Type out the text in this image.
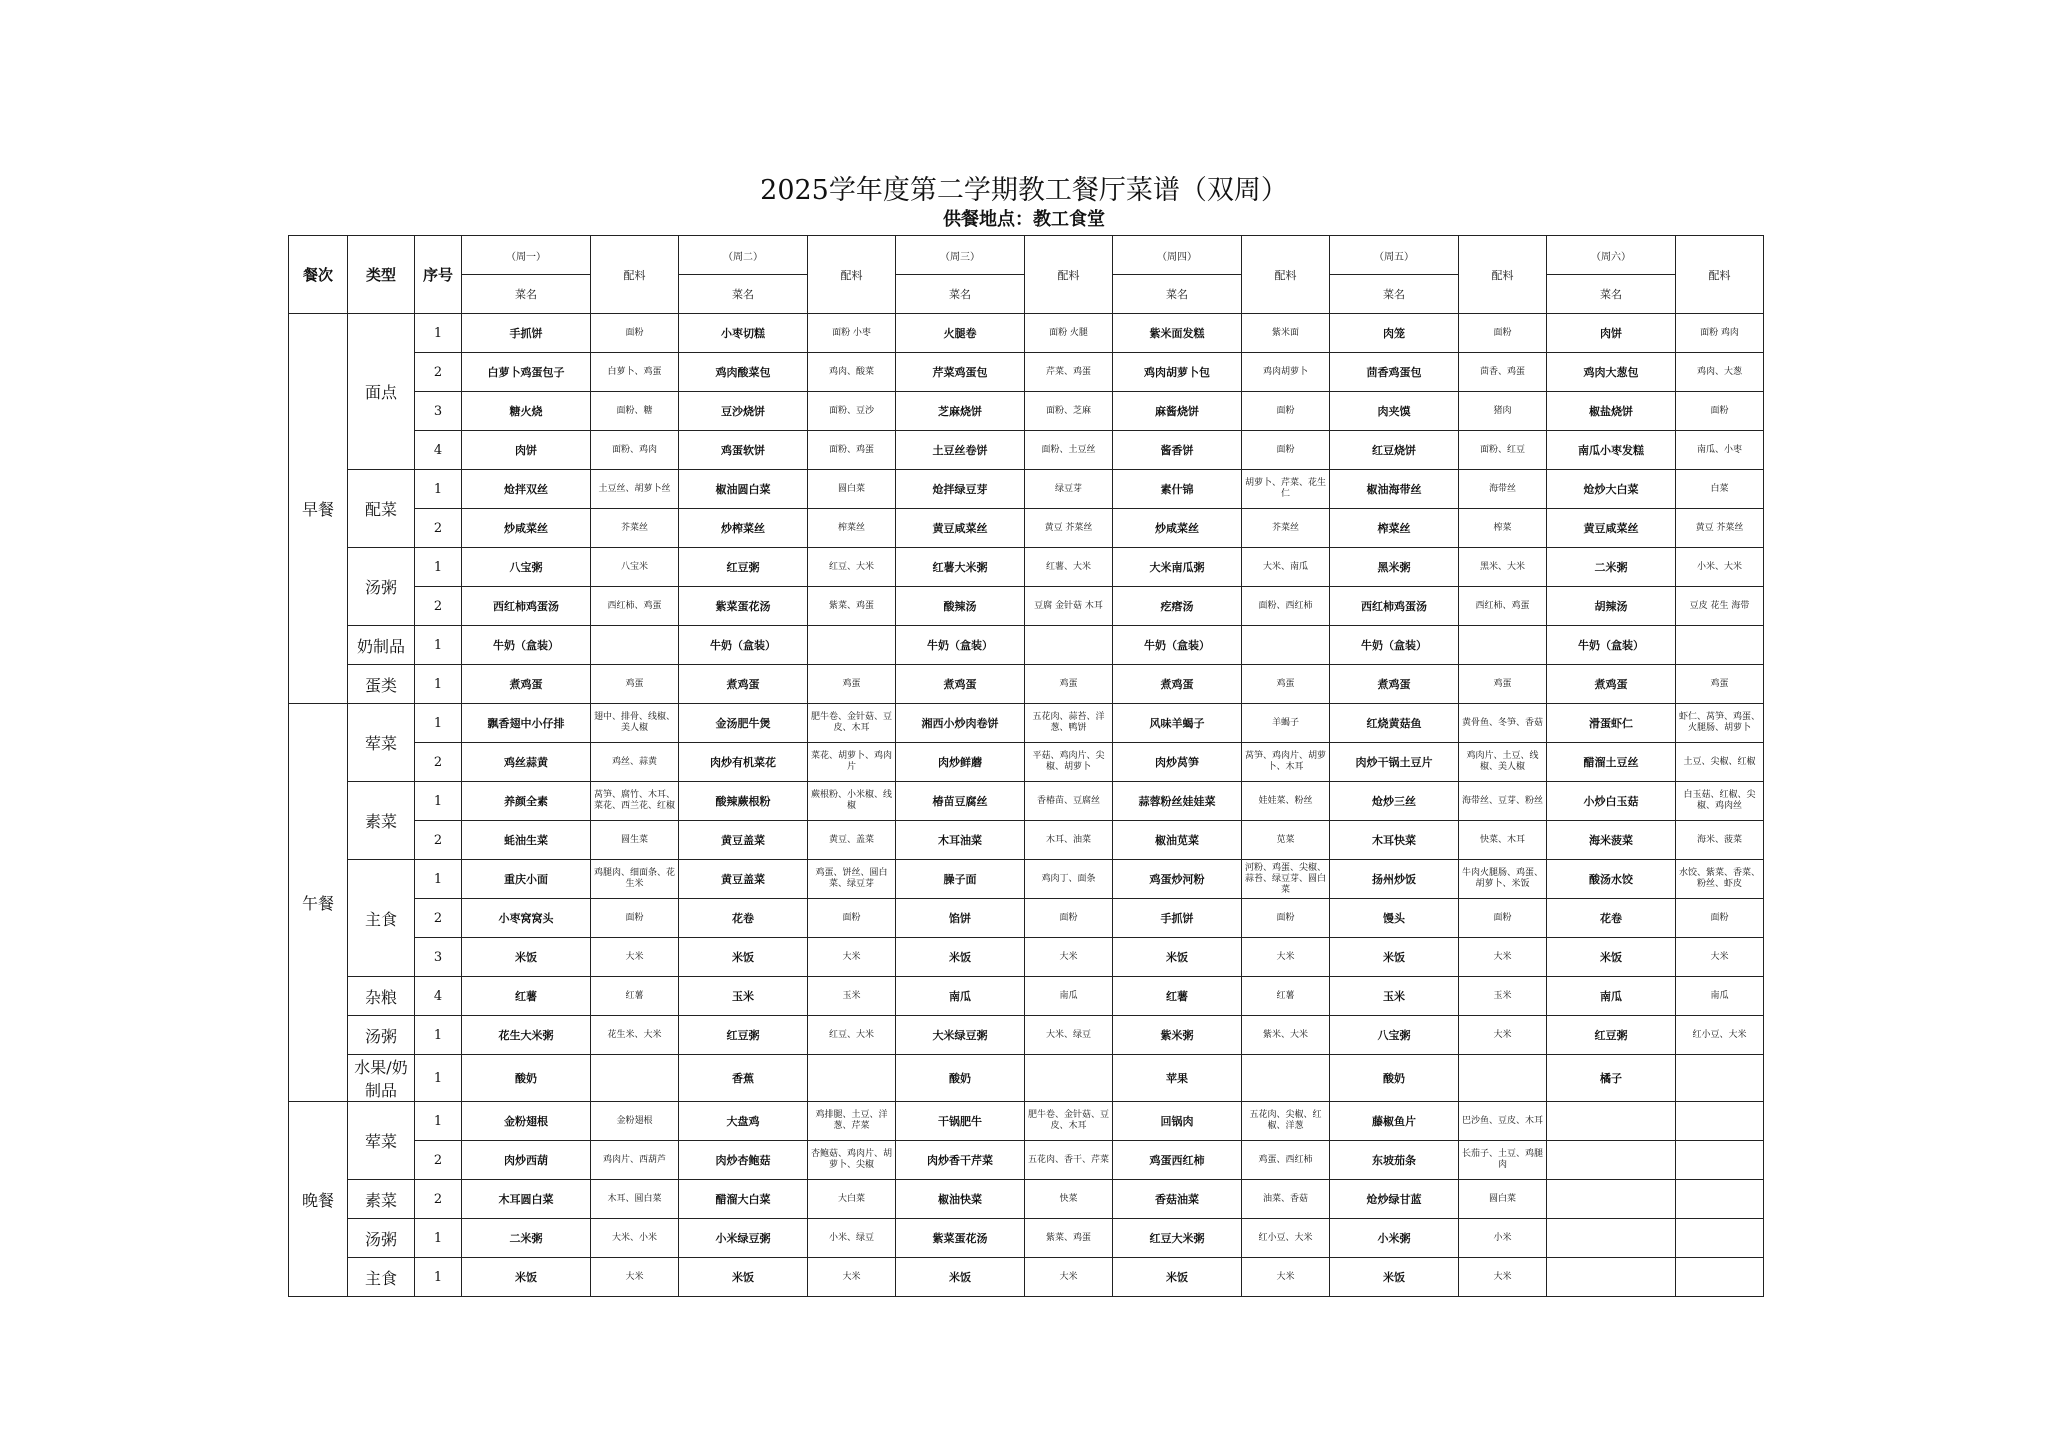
2025学年度第二学期教工餐厅菜谱（双周）
供餐地点：教工食堂
餐次	类型	序号	（周一）	配料	（周二）	配料	（周三）	配料	（周四）	配料	（周五）	配料	（周六）	配料
			菜名		菜名		菜名		菜名		菜名		菜名	
早餐	面点	1	手抓饼	面粉	小枣切糕	面粉 小枣	火腿卷	面粉 火腿	紫米面发糕	紫米面	肉笼	面粉	肉饼	面粉 鸡肉
		2	白萝卜鸡蛋包子	白萝卜、鸡蛋	鸡肉酸菜包	鸡肉、酸菜	芹菜鸡蛋包	芹菜、鸡蛋	鸡肉胡萝卜包	鸡肉胡萝卜	茴香鸡蛋包	茴香、鸡蛋	鸡肉大葱包	鸡肉、大葱
		3	糖火烧	面粉、糖	豆沙烧饼	面粉、豆沙	芝麻烧饼	面粉、芝麻	麻酱烧饼	面粉	肉夹馍	猪肉	椒盐烧饼	面粉
		4	肉饼	面粉、鸡肉	鸡蛋软饼	面粉、鸡蛋	土豆丝卷饼	面粉、土豆丝	酱香饼	面粉	红豆烧饼	面粉、红豆	南瓜小枣发糕	南瓜、小枣
	配菜	1	炝拌双丝	土豆丝、胡萝卜丝	椒油圆白菜	圆白菜	炝拌绿豆芽	绿豆芽	素什锦	胡萝卜、芹菜、花生仁	椒油海带丝	海带丝	炝炒大白菜	白菜
		2	炒咸菜丝	芥菜丝	炒榨菜丝	榨菜丝	黄豆咸菜丝	黄豆 芥菜丝	炒咸菜丝	芥菜丝	榨菜丝	榨菜	黄豆咸菜丝	黄豆 芥菜丝
	汤粥	1	八宝粥	八宝米	红豆粥	红豆、大米	红薯大米粥	红薯、大米	大米南瓜粥	大米、南瓜	黑米粥	黑米、大米	二米粥	小米、大米
		2	西红柿鸡蛋汤	西红柿、鸡蛋	紫菜蛋花汤	紫菜、鸡蛋	酸辣汤	豆腐 金针菇 木耳	疙瘩汤	面粉、西红柿	西红柿鸡蛋汤	西红柿、鸡蛋	胡辣汤	豆皮 花生 海带
	奶制品	1	牛奶（盒装）		牛奶（盒装）		牛奶（盒装）		牛奶（盒装）		牛奶（盒装）		牛奶（盒装）	
	蛋类	1	煮鸡蛋	鸡蛋	煮鸡蛋	鸡蛋	煮鸡蛋	鸡蛋	煮鸡蛋	鸡蛋	煮鸡蛋	鸡蛋	煮鸡蛋	鸡蛋
午餐	荤菜	1	飘香翅中小仔排	翅中、排骨、线椒、美人椒	金汤肥牛煲	肥牛卷、金针菇、豆皮、木耳	湘西小炒肉卷饼	五花肉、蒜苔、洋葱、鸭饼	风味羊蝎子	羊蝎子	红烧黄菇鱼	黄骨鱼、冬笋、香菇	滑蛋虾仁	虾仁、莴笋、鸡蛋、火腿肠、胡萝卜
		2	鸡丝蒜黄	鸡丝、蒜黄	肉炒有机菜花	菜花、胡萝卜、鸡肉片	肉炒鲜蘑	平菇、鸡肉片、尖椒、胡萝卜	肉炒莴笋	莴笋、鸡肉片、胡萝卜、木耳	肉炒干锅土豆片	鸡肉片、土豆、线椒、美人椒	醋溜土豆丝	土豆、尖椒、红椒
	素菜	1	养颜全素	莴笋、腐竹、木耳、菜花、西兰花、红椒	酸辣蕨根粉	蕨根粉、小米椒、线椒	椿苗豆腐丝	香椿苗、豆腐丝	蒜蓉粉丝娃娃菜	娃娃菜、粉丝	炝炒三丝	海带丝、豆芽、粉丝	小炒白玉菇	白玉菇、红椒、尖椒、鸡肉丝
		2	蚝油生菜	圆生菜	黄豆盖菜	黄豆、盖菜	木耳油菜	木耳、油菜	椒油苋菜	苋菜	木耳快菜	快菜、木耳	海米菠菜	海米、菠菜
	主食	1	重庆小面	鸡腿肉、细面条、花生米	黄豆盖菜	鸡蛋、饼丝、圆白菜、绿豆芽	臊子面	鸡肉丁、面条	鸡蛋炒河粉	河粉、鸡蛋、尖椒、蒜苔、绿豆芽、圆白菜	扬州炒饭	牛肉火腿肠、鸡蛋、胡萝卜、米饭	酸汤水饺	水饺、紫菜、香菜、粉丝、虾皮
		2	小枣窝窝头	面粉	花卷	面粉	馅饼	面粉	手抓饼	面粉	馒头	面粉	花卷	面粉
		3	米饭	大米	米饭	大米	米饭	大米	米饭	大米	米饭	大米	米饭	大米
	杂粮	4	红薯	红薯	玉米	玉米	南瓜	南瓜	红薯	红薯	玉米	玉米	南瓜	南瓜
	汤粥	1	花生大米粥	花生米、大米	红豆粥	红豆、大米	大米绿豆粥	大米、绿豆	紫米粥	紫米、大米	八宝粥	大米	红豆粥	红小豆、大米
	水果/奶制品	1	酸奶		香蕉		酸奶		苹果		酸奶		橘子	
晚餐	荤菜	1	金粉翅根	金粉翅根	大盘鸡	鸡排腿、土豆、洋葱、芹菜	干锅肥牛	肥牛卷、金针菇、豆皮、木耳	回锅肉	五花肉、尖椒、红椒、洋葱	藤椒鱼片	巴沙鱼、豆皮、木耳		
		2	肉炒西葫	鸡肉片、西葫芦	肉炒杏鲍菇	杏鲍菇、鸡肉片、胡萝卜、尖椒	肉炒香干芹菜	五花肉、香干、芹菜	鸡蛋西红柿	鸡蛋、西红柿	东坡茄条	长茄子、土豆、鸡腿肉		
	素菜	2	木耳圆白菜	木耳、圆白菜	醋溜大白菜	大白菜	椒油快菜	快菜	香菇油菜	油菜、香菇	炝炒绿甘蓝	圆白菜		
	汤粥	1	二米粥	大米、小米	小米绿豆粥	小米、绿豆	紫菜蛋花汤	紫菜、鸡蛋	红豆大米粥	红小豆、大米	小米粥	小米		
	主食	1	米饭	大米	米饭	大米	米饭	大米	米饭	大米	米饭	大米		
